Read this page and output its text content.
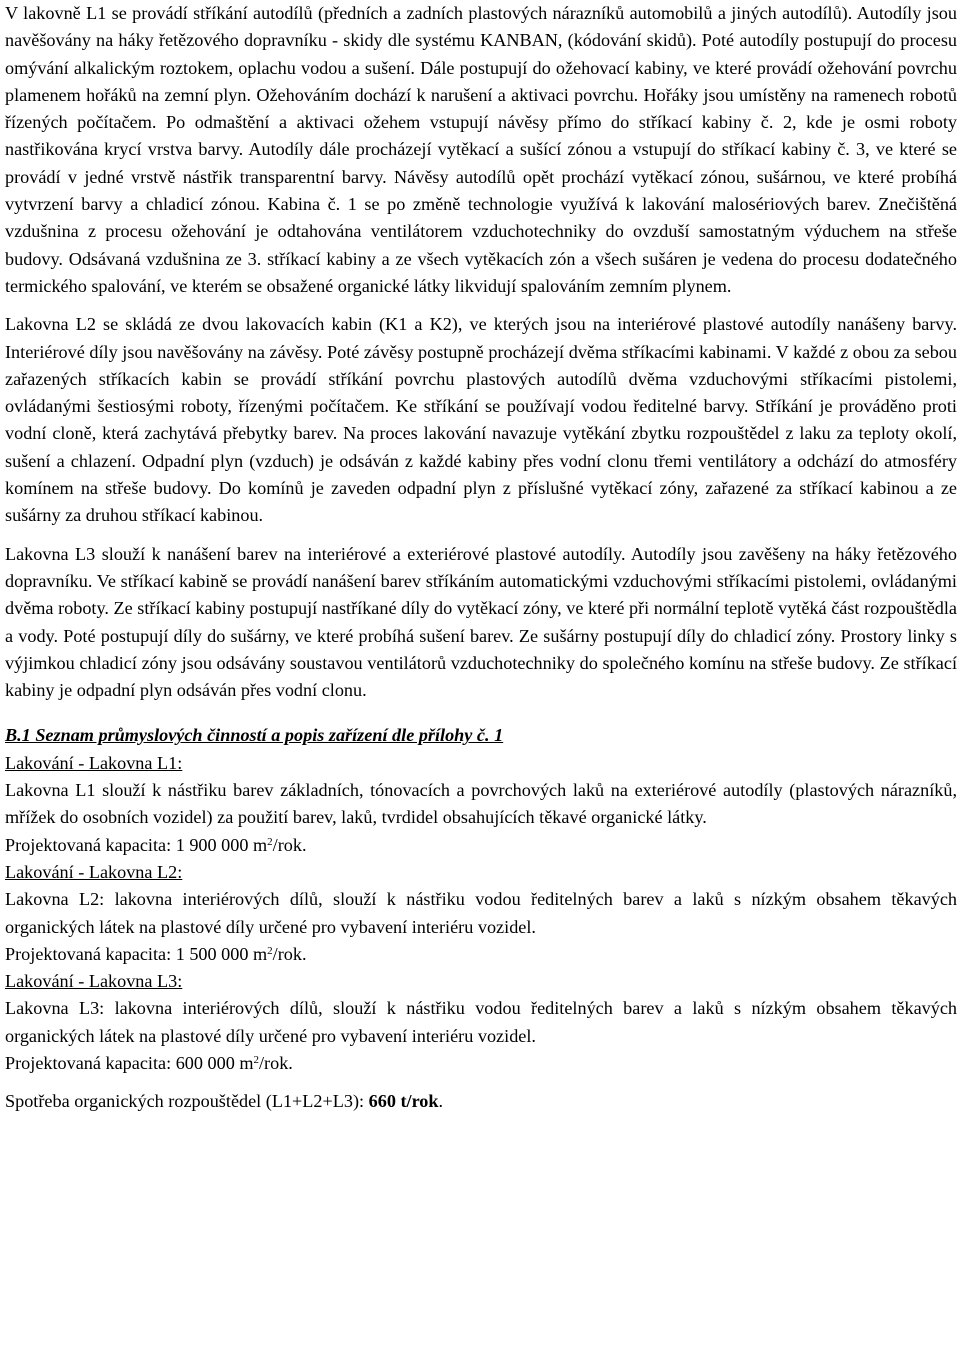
V lakovně L1 se provádí stříkání autodílů (předních a zadních plastových nárazníků automobilů a jiných autodílů). Autodíly jsou navěšovány na háky řetězového dopravníku - skidy dle systému KANBAN, (kódování skidů). Poté autodíly postupují do procesu omývání alkalickým roztokem, oplachu vodou a sušení. Dále postupují do ožehovací kabiny, ve které provádí ožehování povrchu plamenem hořáků na zemní plyn. Ožehováním dochází k narušení a aktivaci povrchu. Hořáky jsou umístěny na ramenech robotů řízených počítačem. Po odmaštění a aktivaci ožehem vstupují návěsy přímo do stříkací kabiny č. 2, kde je osmi roboty nastřikována krycí vrstva barvy. Autodíly dále procházejí vytěkací a sušící zónou a vstupují do stříkací kabiny č. 3, ve které se provádí v jedné vrstvě nástřik transparentní barvy. Návěsy autodílů opět prochází vytěkací zónou, sušárnou, ve které probíhá vytvrzení barvy a chladicí zónou. Kabina č. 1 se po změně technologie využívá k lakování malosériových barev. Znečištěná vzdušnina z procesu ožehování je odtahována ventilátorem vzduchotechniky do ovzduší samostatným výduchem na střeše budovy. Odsávaná vzdušnina ze 3. stříkací kabiny a ze všech vytěkacích zón a všech sušáren je vedena do procesu dodatečného termického spalování, ve kterém se obsažené organické látky likvidují spalováním zemním plynem.

Lakovna L2 se skládá ze dvou lakovacích kabin (K1 a K2), ve kterých jsou na interiérové plastové autodíly nanášeny barvy. Interiérové díly jsou navěšovány na závěsy. Poté závěsy postupně procházejí dvěma stříkacími kabinami. V každé z obou za sebou zařazených stříkacích kabin se provádí stříkání povrchu plastových autodílů dvěma vzduchovými stříkacími pistolemi, ovládanými šestiosými roboty, řízenými počítačem. Ke stříkání se používají vodou ředitelné barvy. Stříkání je prováděno proti vodní cloně, která zachytává přebytky barev. Na proces lakování navazuje vytěkání zbytku rozpouštědel z laku za teploty okolí, sušení a chlazení. Odpadní plyn (vzduch) je odsáván z každé kabiny přes vodní clonu třemi ventilátory a odchází do atmosféry komínem na střeše budovy. Do komínů je zaveden odpadní plyn z příslušné vytěkací zóny, zařazené za stříkací kabinou a ze sušárny za druhou stříkací kabinou.

Lakovna L3 slouží k nanášení barev na interiérové a exteriérové plastové autodíly. Autodíly jsou zavěšeny na háky řetězového dopravníku. Ve stříkací kabině se provádí nanášení barev stříkáním automatickými vzduchovými stříkacími pistolemi, ovládanými dvěma roboty. Ze stříkací kabiny postupují nastříkané díly do vytěkací zóny, ve které při normální teplotě vytěká část rozpouštědla a vody. Poté postupují díly do sušárny, ve které probíhá sušení barev. Ze sušárny postupují díly do chladicí zóny. Prostory linky s výjimkou chladicí zóny jsou odsávány soustavou ventilátorů vzduchotechniky do společného komínu na střeše budovy. Ze stříkací kabiny je odpadní plyn odsáván přes vodní clonu.

B.1 Seznam průmyslových činností a popis zařízení dle přílohy č. 1

Lakování - Lakovna L1:

Lakovna L1 slouží k nástřiku barev základních, tónovacích a povrchových laků na exteriérové autodíly (plastových nárazníků, mřížek do osobních vozidel) za použití barev, laků, tvrdidel obsahujících těkavé organické látky.

Projektovaná kapacita: 1 900 000 $m^2$/rok.

Lakování - Lakovna L2:

Lakovna L2: lakovna interiérových dílů, slouží k nástřiku vodou ředitelných barev a laků s nízkým obsahem těkavých organických látek na plastové díly určené pro vybavení interiéru vozidel.

Projektovaná kapacita: 1 500 000 $m^2$/rok.

Lakování - Lakovna L3:

Lakovna L3: lakovna interiérových dílů, slouží k nástřiku vodou ředitelných barev a laků s nízkým obsahem těkavých organických látek na plastové díly určené pro vybavení interiéru vozidel.

Projektovaná kapacita: 600 000 $m^2$/rok.

Spotřeba organických rozpouštědel (L1+L2+L3): 660 t/rok.
